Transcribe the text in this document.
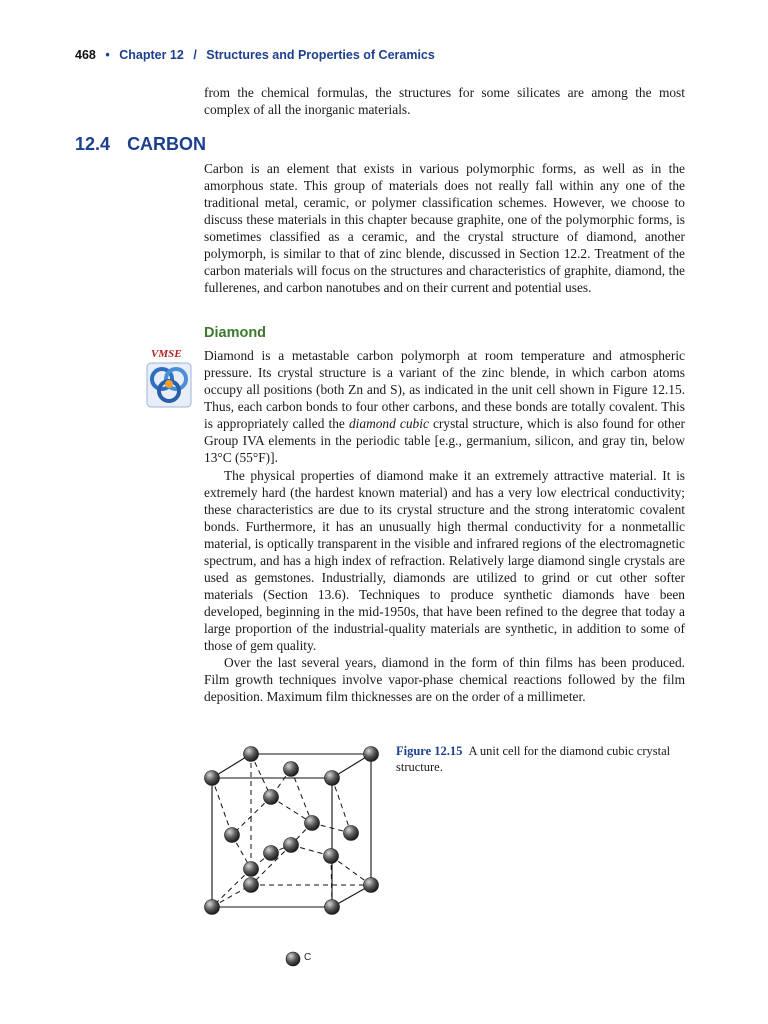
468 • Chapter 12 / Structures and Properties of Ceramics

from the chemical formulas, the structures for some silicates are among the most complex of all the inorganic materials.

12.4 CARBON

Carbon is an element that exists in various polymorphic forms, as well as in the amorphous state. This group of materials does not really fall within any one of the traditional metal, ceramic, or polymer classification schemes. However, we choose to discuss these materials in this chapter because graphite, one of the polymorphic forms, is sometimes classified as a ceramic, and the crystal structure of diamond, another polymorph, is similar to that of zinc blende, discussed in Section 12.2. Treatment of the carbon materials will focus on the structures and characteristics of graphite, diamond, the fullerenes, and carbon nanotubes and on their current and potential uses.

Diamond
VMSE Diamond is a metastable carbon polymorph at room temperature and atmospheric pressure. Its crystal structure is a variant of the zinc blende, in which carbon atoms occupy all positions (both Zn and S), as indicated in the unit cell shown in Figure 12.15. Thus, each carbon bonds to four other carbons, and these bonds are totally covalent. This is appropriately called the diamond cubic crystal structure, which is also found for other Group IVA elements in the periodic table [e.g., germanium, silicon, and gray tin, below 13°C (55°F)].

The physical properties of diamond make it an extremely attractive material. It is extremely hard (the hardest known material) and has a very low electrical conductivity; these characteristics are due to its crystal structure and the strong interatomic covalent bonds. Furthermore, it has an unusually high thermal conductivity for a nonmetallic material, is optically transparent in the visible and infrared regions of the electromagnetic spectrum, and has a high index of refraction. Relatively large diamond single crystals are used as gemstones. Industrially, diamonds are utilized to grind or cut other softer materials (Section 13.6). Techniques to produce synthetic diamonds have been developed, beginning in the mid-1950s, that have been refined to the degree that today a large proportion of the industrial-quality materials are synthetic, in addition to some of those of gem quality.

Over the last several years, diamond in the form of thin films has been produced. Film growth techniques involve vapor-phase chemical reactions followed by the film deposition. Maximum film thicknesses are on the order of a millimeter.

C
Figure 12.15 A unit cell for the diamond cubic crystal structure.
